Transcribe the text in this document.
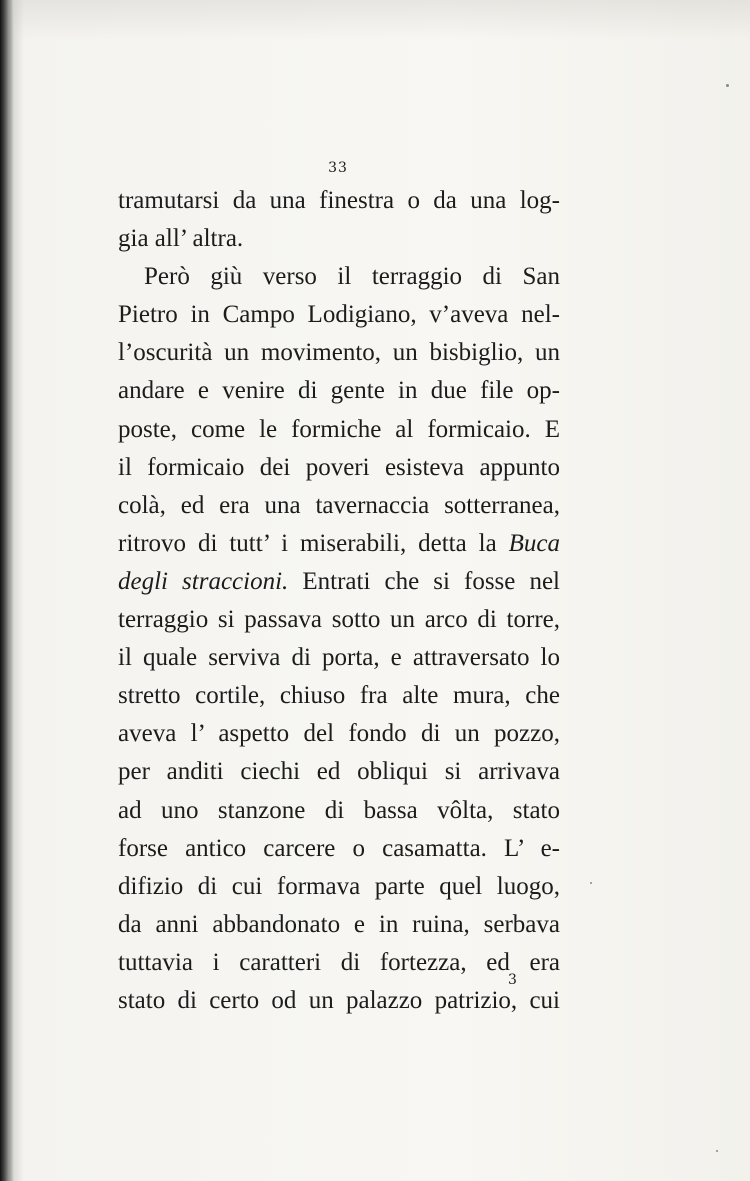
33
tramutarsi da una finestra o da una log-
gia all’ altra.
Però giù verso il terraggio di San
Pietro in Campo Lodigiano, v’aveva nel-
l’oscurità un movimento, un bisbiglio, un
andare e venire di gente in due file op-
poste, come le formiche al formicaio. E
il formicaio dei poveri esisteva appunto
colà, ed era una tavernaccia sotterranea,
ritrovo di tutt’ i miserabili, detta la Buca
degli straccioni. Entrati che si fosse nel
terraggio si passava sotto un arco di torre,
il quale serviva di porta, e attraversato lo
stretto cortile, chiuso fra alte mura, che
aveva l’ aspetto del fondo di un pozzo,
per anditi ciechi ed obliqui si arrivava
ad uno stanzone di bassa vôlta, stato
forse antico carcere o casamatta. L’ e-
difizio di cui formava parte quel luogo,
da anni abbandonato e in ruina, serbava
tuttavia i caratteri di fortezza, ed era
stato di certo od un palazzo patrizio, cui
3
